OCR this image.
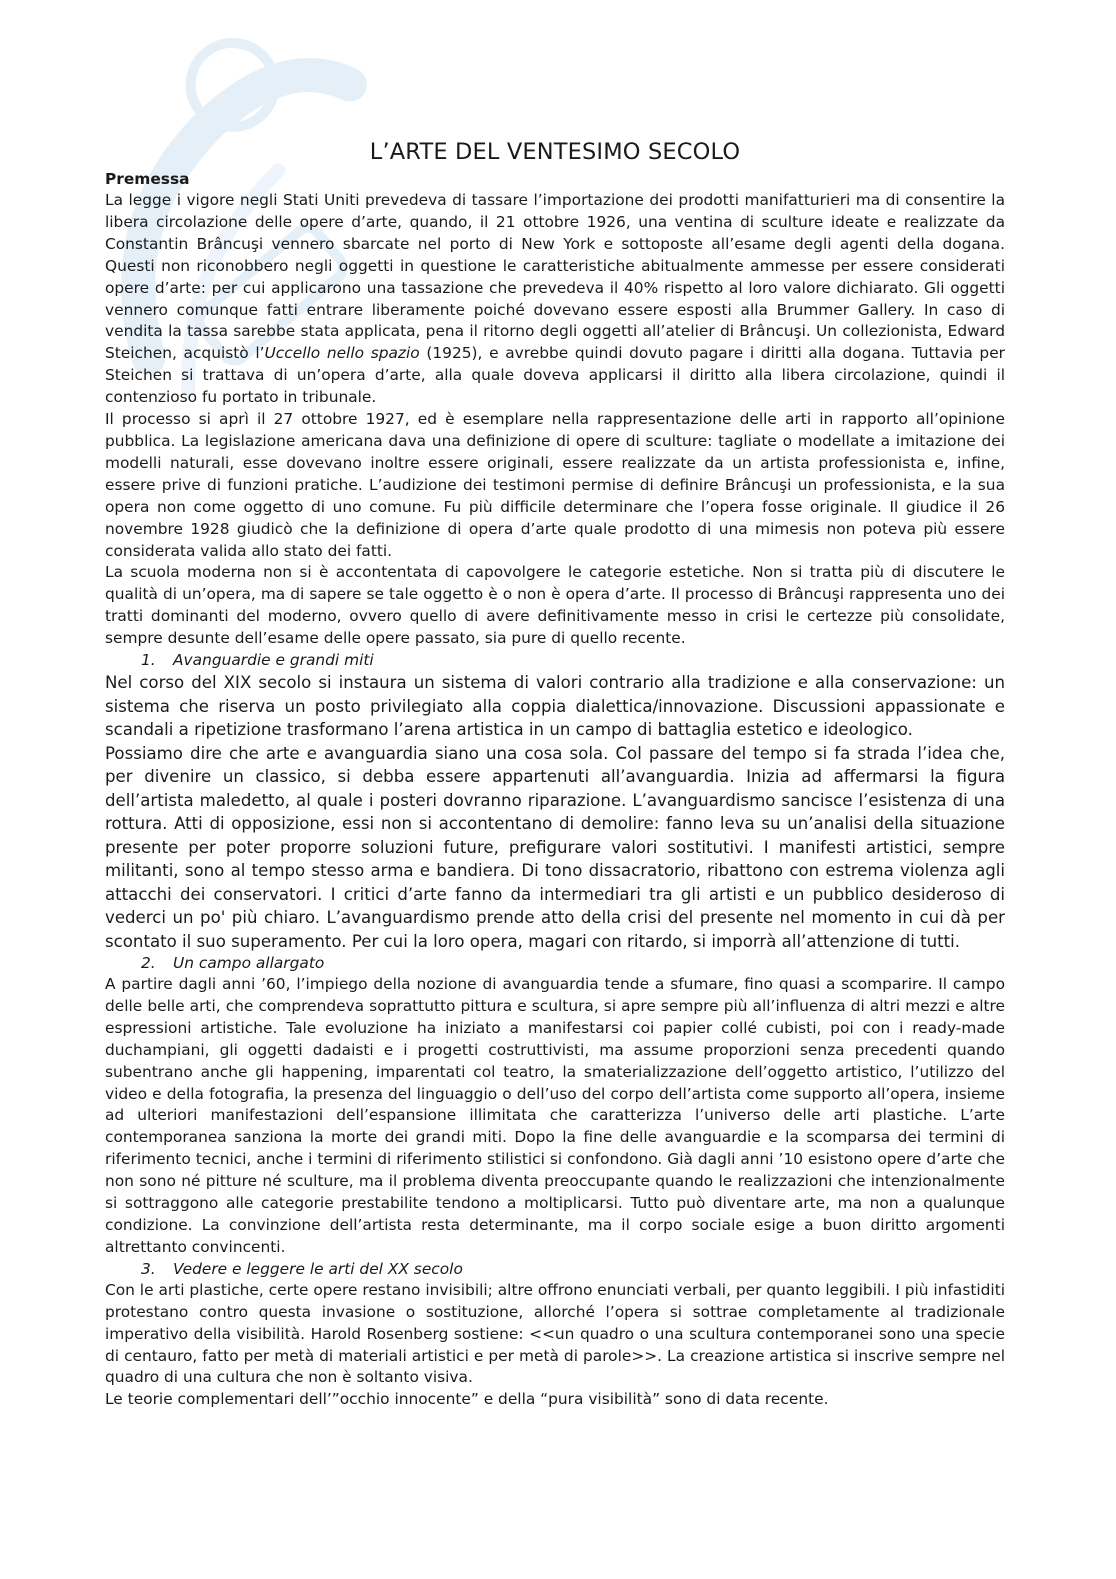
L’ARTE DEL VENTESIMO SECOLO
Premessa

La legge i vigore negli Stati Uniti prevedeva di tassare l’importazione dei prodotti manifatturieri ma di consentire la libera circolazione delle opere d’arte, quando, il 21 ottobre 1926, una ventina di sculture ideate e realizzate da Constantin Brâncuşi vennero sbarcate nel porto di New York e sottoposte all’esame degli agenti della dogana. Questi non riconobbero negli oggetti in questione le caratteristiche abitualmente ammesse per essere considerati opere d’arte: per cui applicarono una tassazione che prevedeva il 40% rispetto al loro valore dichiarato. Gli oggetti vennero comunque fatti entrare liberamente poiché dovevano essere esposti alla Brummer Gallery. In caso di vendita la tassa sarebbe stata applicata, pena il ritorno degli oggetti all’atelier di Brâncuşi. Un collezionista, Edward Steichen, acquistò l’Uccello nello spazio (1925), e avrebbe quindi dovuto pagare i diritti alla dogana. Tuttavia per Steichen si trattava di un’opera d’arte, alla quale doveva applicarsi il diritto alla libera circolazione, quindi il contenzioso fu portato in tribunale.

Il processo si aprì il 27 ottobre 1927, ed è esemplare nella rappresentazione delle arti in rapporto all’opinione pubblica. La legislazione americana dava una definizione di opere di sculture: tagliate o modellate a imitazione dei modelli naturali, esse dovevano inoltre essere originali, essere realizzate da un artista professionista e, infine, essere prive di funzioni pratiche. L’audizione dei testimoni permise di definire Brâncuşi un professionista, e la sua opera non come oggetto di uno comune. Fu più difficile determinare che l’opera fosse originale. Il giudice il 26 novembre 1928 giudicò che la definizione di opera d’arte quale prodotto di una mimesis non poteva più essere considerata valida allo stato dei fatti.

La scuola moderna non si è accontentata di capovolgere le categorie estetiche. Non si tratta più di discutere le qualità di un’opera, ma di sapere se tale oggetto è o non è opera d’arte. Il processo di Brâncuşi rappresenta uno dei tratti dominanti del moderno, ovvero quello di avere definitivamente messo in crisi le certezze più consolidate, sempre desunte dell’esame delle opere passato, sia pure di quello recente.

1. Avanguardie e grandi miti

Nel corso del XIX secolo si instaura un sistema di valori contrario alla tradizione e alla conservazione: un sistema che riserva un posto privilegiato alla coppia dialettica/innovazione. Discussioni appassionate e scandali a ripetizione trasformano l’arena artistica in un campo di battaglia estetico e ideologico.

Possiamo dire che arte e avanguardia siano una cosa sola. Col passare del tempo si fa strada l’idea che, per divenire un classico, si debba essere appartenuti all’avanguardia. Inizia ad affermarsi la figura dell’artista maledetto, al quale i posteri dovranno riparazione. L’avanguardismo sancisce l’esistenza di una rottura. Atti di opposizione, essi non si accontentano di demolire: fanno leva su un’analisi della situazione presente per poter proporre soluzioni future, prefigurare valori sostitutivi. I manifesti artistici, sempre militanti, sono al tempo stesso arma e bandiera. Di tono dissacratorio, ribattono con estrema violenza agli attacchi dei conservatori. I critici d’arte fanno da intermediari tra gli artisti e un pubblico desideroso di vederci un po' più chiaro. L’avanguardismo prende atto della crisi del presente nel momento in cui dà per scontato il suo superamento. Per cui la loro opera, magari con ritardo, si imporrà all’attenzione di tutti.

2. Un campo allargato

A partire dagli anni ’60, l’impiego della nozione di avanguardia tende a sfumare, fino quasi a scomparire. Il campo delle belle arti, che comprendeva soprattutto pittura e scultura, si apre sempre più all’influenza di altri mezzi e altre espressioni artistiche. Tale evoluzione ha iniziato a manifestarsi coi papier collé cubisti, poi con i ready-made duchampiani, gli oggetti dadaisti e i progetti costruttivisti, ma assume proporzioni senza precedenti quando subentrano anche gli happening, imparentati col teatro, la smaterializzazione dell’oggetto artistico, l’utilizzo del video e della fotografia, la presenza del linguaggio o dell’uso del corpo dell’artista come supporto all’opera, insieme ad ulteriori manifestazioni dell’espansione illimitata che caratterizza l’universo delle arti plastiche. L’arte contemporanea sanziona la morte dei grandi miti. Dopo la fine delle avanguardie e la scomparsa dei termini di riferimento tecnici, anche i termini di riferimento stilistici si confondono. Già dagli anni ’10 esistono opere d’arte che non sono né pitture né sculture, ma il problema diventa preoccupante quando le realizzazioni che intenzionalmente si sottraggono alle categorie prestabilite tendono a moltiplicarsi. Tutto può diventare arte, ma non a qualunque condizione. La convinzione dell’artista resta determinante, ma il corpo sociale esige a buon diritto argomenti altrettanto convincenti.

3. Vedere e leggere le arti del XX secolo

Con le arti plastiche, certe opere restano invisibili; altre offrono enunciati verbali, per quanto leggibili. I più infastiditi protestano contro questa invasione o sostituzione, allorché l’opera si sottrae completamente al tradizionale imperativo della visibilità. Harold Rosenberg sostiene: <<un quadro o una scultura contemporanei sono una specie di centauro, fatto per metà di materiali artistici e per metà di parole>>. La creazione artistica si inscrive sempre nel quadro di una cultura che non è soltanto visiva.

Le teorie complementari dell’”occhio innocente” e della “pura visibilità” sono di data recente.
